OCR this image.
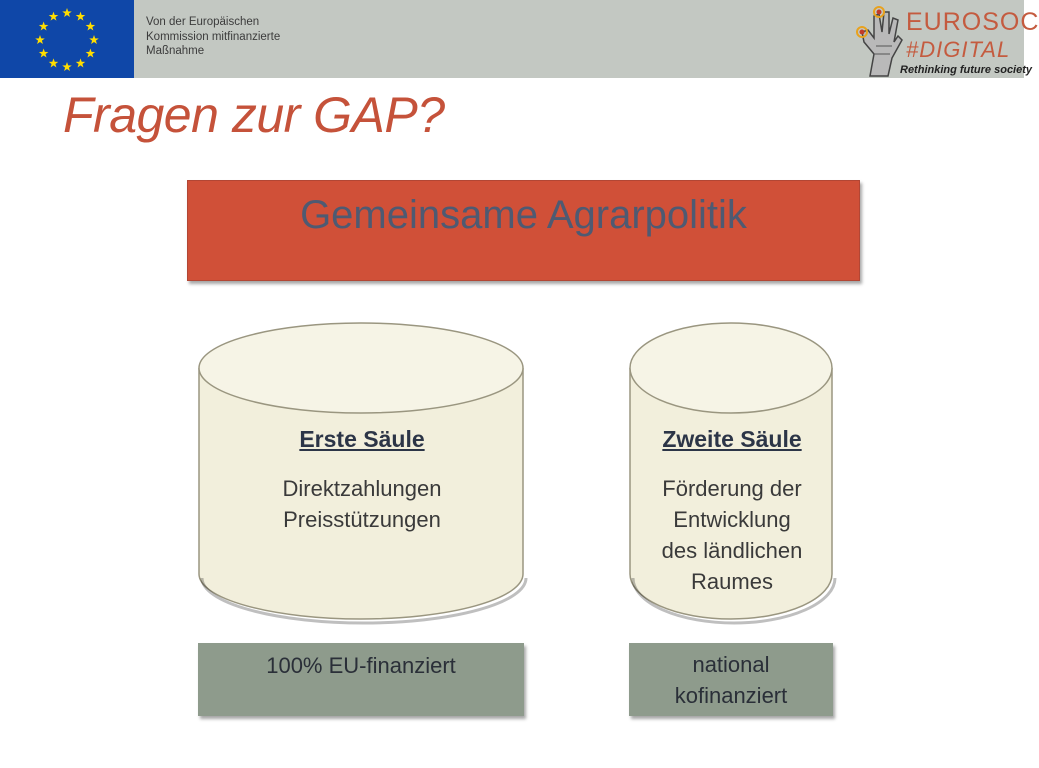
Von der Europäischen
Kommission mitfinanzierte
Maßnahme
EUROSOC
#DIGITAL
Rethinking future society
Fragen zur GAP?
Gemeinsame Agrarpolitik
Erste Säule
Direktzahlungen
Preisstützungen
Zweite Säule
Förderung der
Entwicklung
des ländlichen
Raumes
100% EU-finanziert	national
kofinanziert
